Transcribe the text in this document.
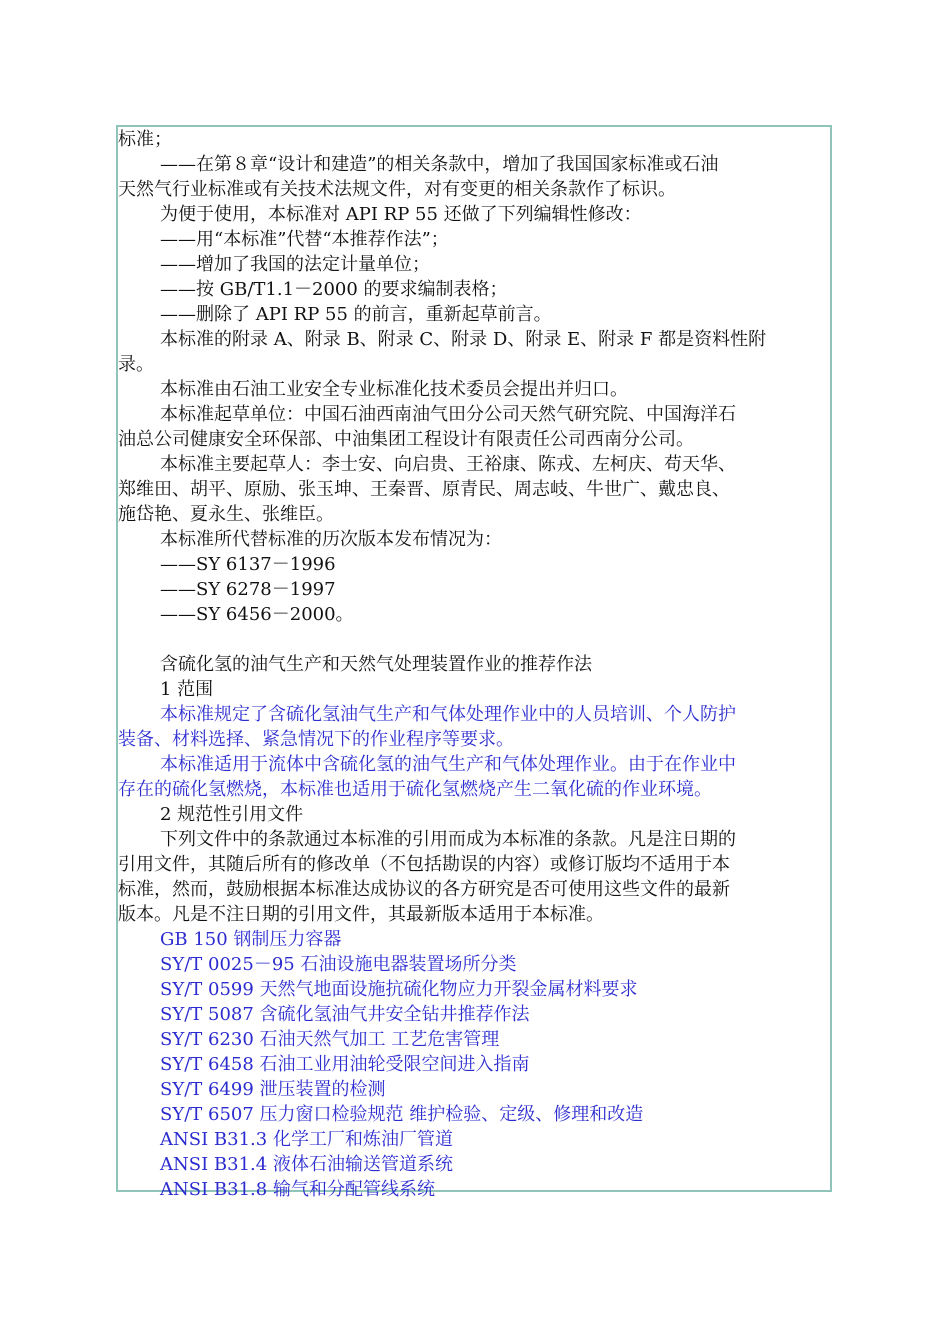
标准；
——在第８章“设计和建造”的相关条款中，增加了我国国家标准或石油
天然气行业标准或有关技术法规文件，对有变更的相关条款作了标识。
为便于使用，本标准对 API RP 55 还做了下列编辑性修改：
——用“本标准”代替“本推荐作法”；
——增加了我国的法定计量单位；
——按 GB/T1.1－2000 的要求编制表格；
——删除了 API RP 55 的前言，重新起草前言。
本标准的附录 A、附录 B、附录 C、附录 D、附录 E、附录 F 都是资料性附
录。
本标准由石油工业安全专业标准化技术委员会提出并归口。
本标准起草单位：中国石油西南油气田分公司天然气研究院、中国海洋石
油总公司健康安全环保部、中油集团工程设计有限责任公司西南分公司。
本标准主要起草人：李士安、向启贵、王裕康、陈戎、左柯庆、苟天华、
郑维田、胡平、原励、张玉坤、王秦晋、原青民、周志岐、牛世广、戴忠良、
施岱艳、夏永生、张维臣。
本标准所代替标准的历次版本发布情况为：
——SY 6137－1996
——SY 6278－1997
——SY 6456－2000。
含硫化氢的油气生产和天然气处理装置作业的推荐作法
1 范围
本标准规定了含硫化氢油气生产和气体处理作业中的人员培训、个人防护
装备、材料选择、紧急情况下的作业程序等要求。
本标准适用于流体中含硫化氢的油气生产和气体处理作业。由于在作业中
存在的硫化氢燃烧，本标准也适用于硫化氢燃烧产生二氧化硫的作业环境。
2 规范性引用文件
下列文件中的条款通过本标准的引用而成为本标准的条款。凡是注日期的
引用文件，其随后所有的修改单（不包括勘误的内容）或修订版均不适用于本
标准，然而，鼓励根据本标准达成协议的各方研究是否可使用这些文件的最新
版本。凡是不注日期的引用文件，其最新版本适用于本标准。
GB 150 钢制压力容器
SY/T 0025－95 石油设施电器装置场所分类
SY/T 0599 天然气地面设施抗硫化物应力开裂金属材料要求
SY/T 5087 含硫化氢油气井安全钻井推荐作法
SY/T 6230 石油天然气加工 工艺危害管理
SY/T 6458 石油工业用油轮受限空间进入指南
SY/T 6499 泄压装置的检测
SY/T 6507 压力窗口检验规范 维护检验、定级、修理和改造
ANSI B31.3 化学工厂和炼油厂管道
ANSI B31.4 液体石油输送管道系统
ANSI B31.8 输气和分配管线系统
